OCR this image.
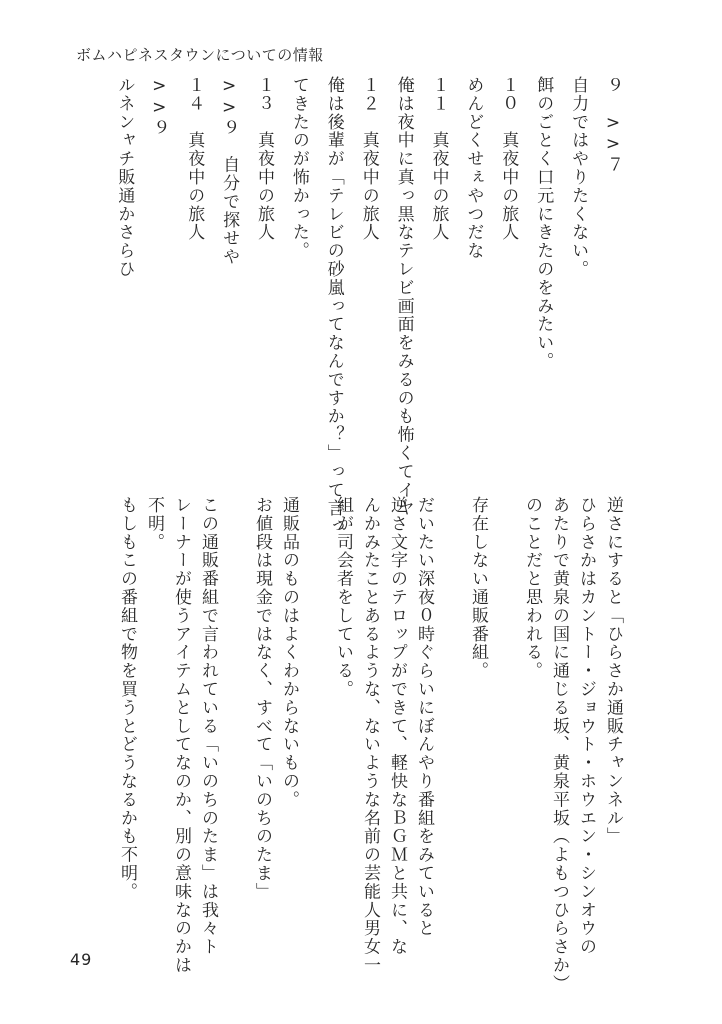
ボムハピネスタウンについての情報
９　>>７
自力ではやりたくない。
餌のごとく口元にきたのをみたい。
１０　真夜中の旅人
めんどくせぇやつだな
１１　真夜中の旅人
俺は夜中に真っ黒なテレビ画面をみるのも怖くてイヤ
１２　真夜中の旅人
俺は後輩が「テレビの砂嵐ってなんですか？」って言っ
てきたのが怖かった。
１３　真夜中の旅人
>>９　自分で探せや
１４　真夜中の旅人
>>９
ルネンャチ販通かさらひ
逆さにすると「ひらさか通販チャンネル」
ひらさかはカントー・ジョウト・ホウエン・シンオウの
あたりで黄泉の国に通じる坂、黄泉平坂（よもつひらさか）
のことだと思われる。
存在しない通販番組。
だいたい深夜０時ぐらいにぼんやり番組をみていると
逆さ文字のテロップができて、軽快なＢＧＭと共に、な
んかみたことあるような、ないような名前の芸能人男女一
組が司会者をしている。
通販品のものはよくわからないもの。
お値段は現金ではなく、すべて「いのちのたま」
この通販番組で言われている「いのちのたま」は我々ト
レーナーが使うアイテムとしてなのか、別の意味なのかは
不明。
もしもこの番組で物を買うとどうなるかも不明。
49
